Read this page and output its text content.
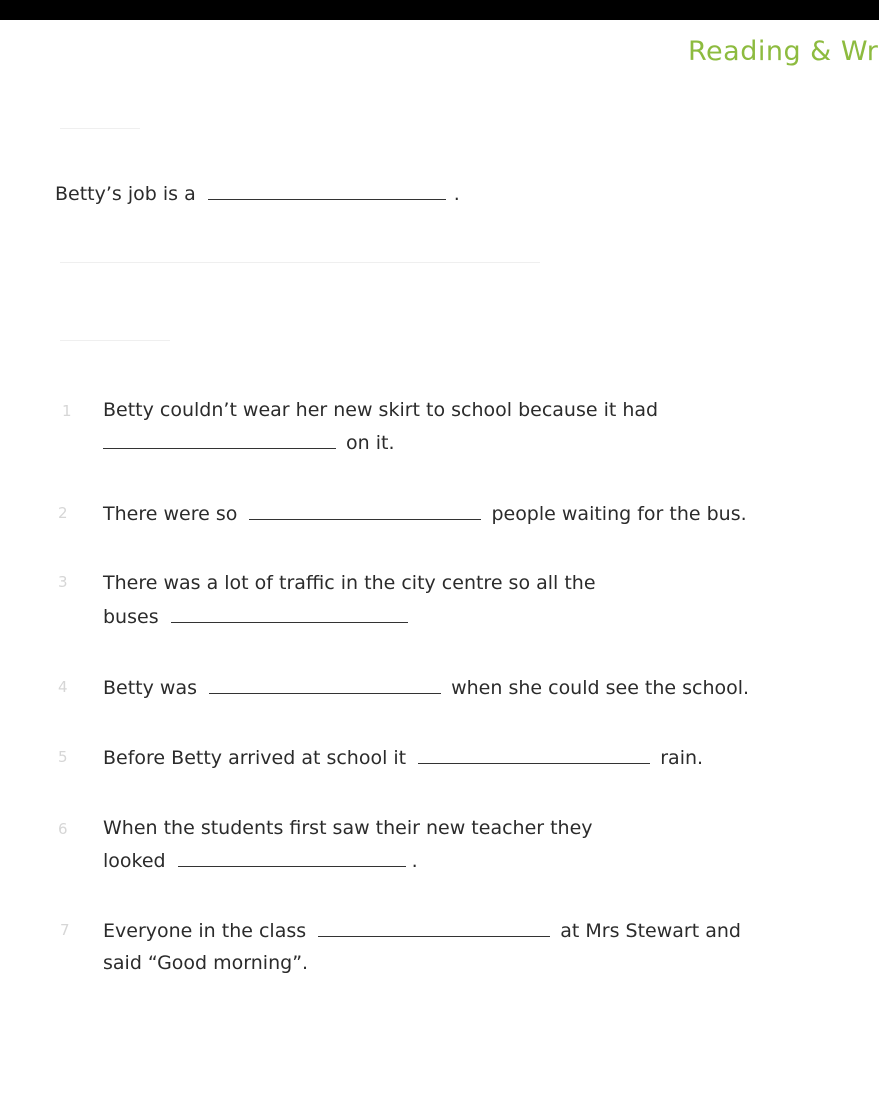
Reading & Wr
Betty’s job is a	.
1 Betty couldn’t wear her new skirt to school because it had
on it.
2 There were so	people waiting for the bus.
3 There was a lot of traffic in the city centre so all the
buses
4 Betty was	when she could see the school.
5 Before Betty arrived at school it	rain.
6 When the students first saw their new teacher they
looked	.
7 Everyone in the class	at Mrs Stewart and
said “Good morning”.
